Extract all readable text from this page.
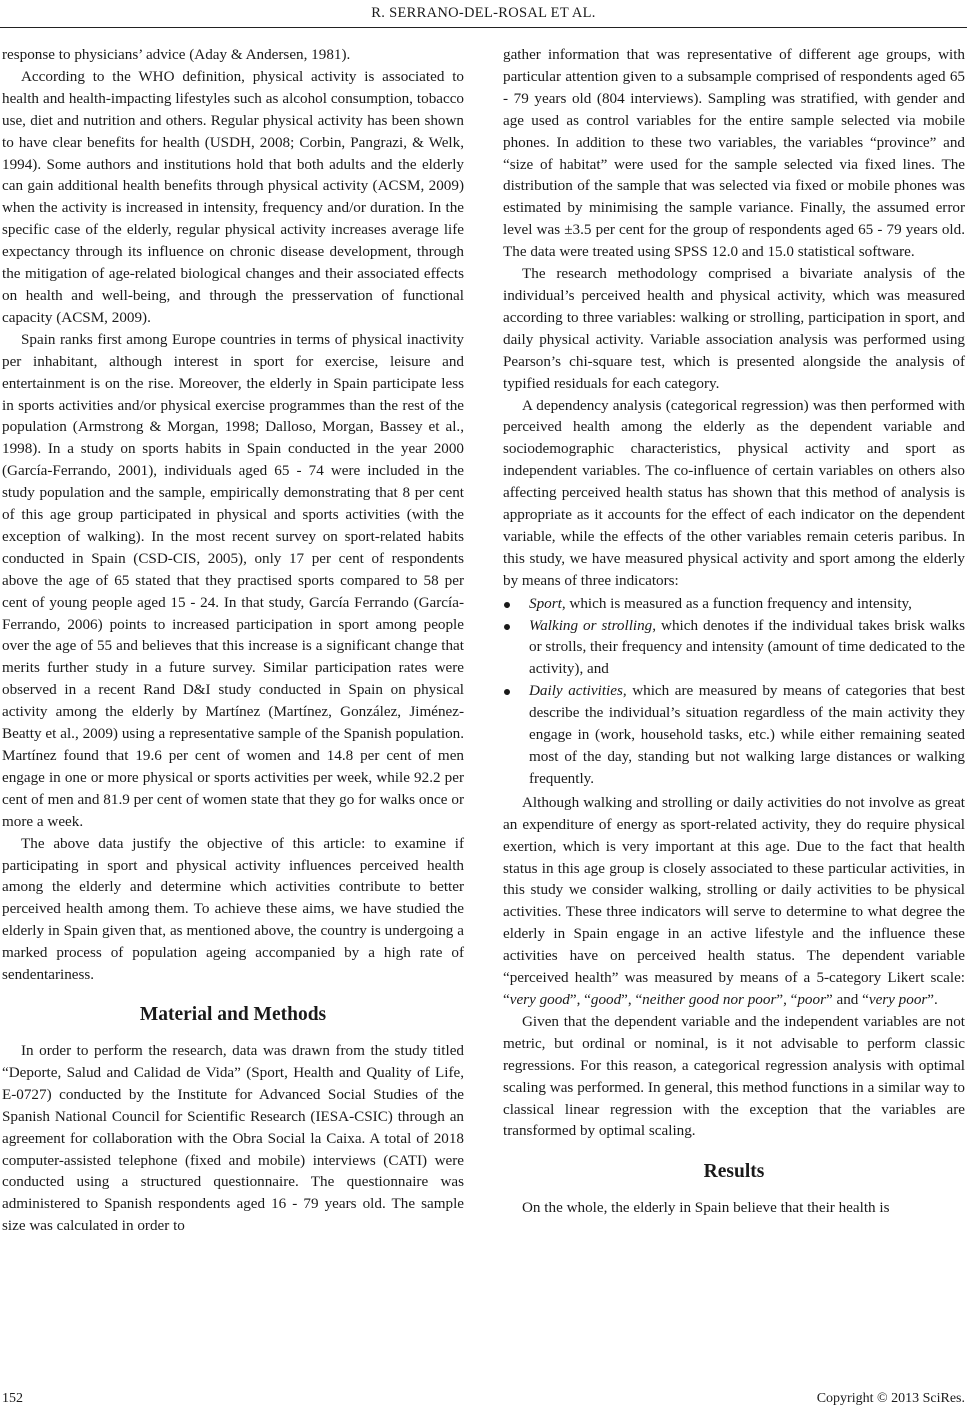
R. SERRANO-DEL-ROSAL ET AL.

response to physicians’ advice (Aday & Andersen, 1981).

According to the WHO definition, physical activity is associated to health and health-impacting lifestyles such as alcohol consumption, tobacco use, diet and nutrition and others. Regular physical activity has been shown to have clear benefits for health (USDH, 2008; Corbin, Pangrazi, & Welk, 1994). Some authors and institutions hold that both adults and the elderly can gain additional health benefits through physical activity (ACSM, 2009) when the activity is increased in intensity, frequency and/or duration. In the specific case of the elderly, regular physical activity increases average life expectancy through its influence on chronic disease development, through the mitigation of age-related biological changes and their associated effects on health and well-being, and through the presservation of functional capacity (ACSM, 2009).

Spain ranks first among Europe countries in terms of physical inactivity per inhabitant, although interest in sport for exercise, leisure and entertainment is on the rise. Moreover, the elderly in Spain participate less in sports activities and/or physical exercise programmes than the rest of the population (Armstrong & Morgan, 1998; Dalloso, Morgan, Bassey et al., 1998). In a study on sports habits in Spain conducted in the year 2000 (García-Ferrando, 2001), individuals aged 65 - 74 were included in the study population and the sample, empirically demonstrating that 8 per cent of this age group participated in physical and sports activities (with the exception of walking). In the most recent survey on sport-related habits conducted in Spain (CSD-CIS, 2005), only 17 per cent of respondents above the age of 65 stated that they practised sports compared to 58 per cent of young people aged 15 - 24. In that study, García Ferrando (García-Ferrando, 2006) points to increased participation in sport among people over the age of 55 and believes that this increase is a significant change that merits further study in a future survey. Similar participation rates were observed in a recent Rand D&I study conducted in Spain on physical activity among the elderly by Martínez (Martínez, González, Jiménez-Beatty et al., 2009) using a representative sample of the Spanish population. Martínez found that 19.6 per cent of women and 14.8 per cent of men engage in one or more physical or sports activities per week, while 92.2 per cent of men and 81.9 per cent of women state that they go for walks once or more a week.

The above data justify the objective of this article: to examine if participating in sport and physical activity influences perceived health among the elderly and determine which activities contribute to better perceived health among them. To achieve these aims, we have studied the elderly in Spain given that, as mentioned above, the country is undergoing a marked process of population ageing accompanied by a high rate of sendentariness.

Material and Methods

In order to perform the research, data was drawn from the study titled “Deporte, Salud and Calidad de Vida” (Sport, Health and Quality of Life, E-0727) conducted by the Institute for Advanced Social Studies of the Spanish National Council for Scientific Research (IESA-CSIC) through an agreement for collaboration with the Obra Social la Caixa. A total of 2018 computer-assisted telephone (fixed and mobile) interviews (CATI) were conducted using a structured questionnaire. The questionnaire was administered to Spanish respondents aged 16 - 79 years old. The sample size was calculated in order to

gather information that was representative of different age groups, with particular attention given to a subsample comprised of respondents aged 65 - 79 years old (804 interviews). Sampling was stratified, with gender and age used as control variables for the entire sample selected via mobile phones. In addition to these two variables, the variables “province” and “size of habitat” were used for the sample selected via fixed lines. The distribution of the sample that was selected via fixed or mobile phones was estimated by minimising the sample variance. Finally, the assumed error level was ±3.5 per cent for the group of respondents aged 65 - 79 years old. The data were treated using SPSS 12.0 and 15.0 statistical software.

The research methodology comprised a bivariate analysis of the individual’s perceived health and physical activity, which was measured according to three variables: walking or strolling, participation in sport, and daily physical activity. Variable association analysis was performed using Pearson’s chi-square test, which is presented alongside the analysis of typified residuals for each category.

A dependency analysis (categorical regression) was then performed with perceived health among the elderly as the dependent variable and sociodemographic characteristics, physical activity and sport as independent variables. The co-influence of certain variables on others also affecting perceived health status has shown that this method of analysis is appropriate as it accounts for the effect of each indicator on the dependent variable, while the effects of the other variables remain ceteris paribus. In this study, we have measured physical activity and sport among the elderly by means of three indicators:

Sport, which is measured as a function frequency and intensity,

Walking or strolling, which denotes if the individual takes brisk walks or strolls, their frequency and intensity (amount of time dedicated to the activity), and

Daily activities, which are measured by means of categories that best describe the individual’s situation regardless of the main activity they engage in (work, household tasks, etc.) while either remaining seated most of the day, standing but not walking large distances or walking frequently.

Although walking and strolling or daily activities do not involve as great an expenditure of energy as sport-related activity, they do require physical exertion, which is very important at this age. Due to the fact that health status in this age group is closely associated to these particular activities, in this study we consider walking, strolling or daily activities to be physical activities. These three indicators will serve to determine to what degree the elderly in Spain engage in an active lifestyle and the influence these activities have on perceived health status. The dependent variable “perceived health” was measured by means of a 5-category Likert scale: “very good”, “good”, “neither good nor poor”, “poor” and “very poor”.

Given that the dependent variable and the independent variables are not metric, but ordinal or nominal, is it not advisable to perform classic regressions. For this reason, a categorical regression analysis with optimal scaling was performed. In general, this method functions in a similar way to classical linear regression with the exception that the variables are transformed by optimal scaling.

Results

On the whole, the elderly in Spain believe that their health is

152	Copyright © 2013 SciRes.
